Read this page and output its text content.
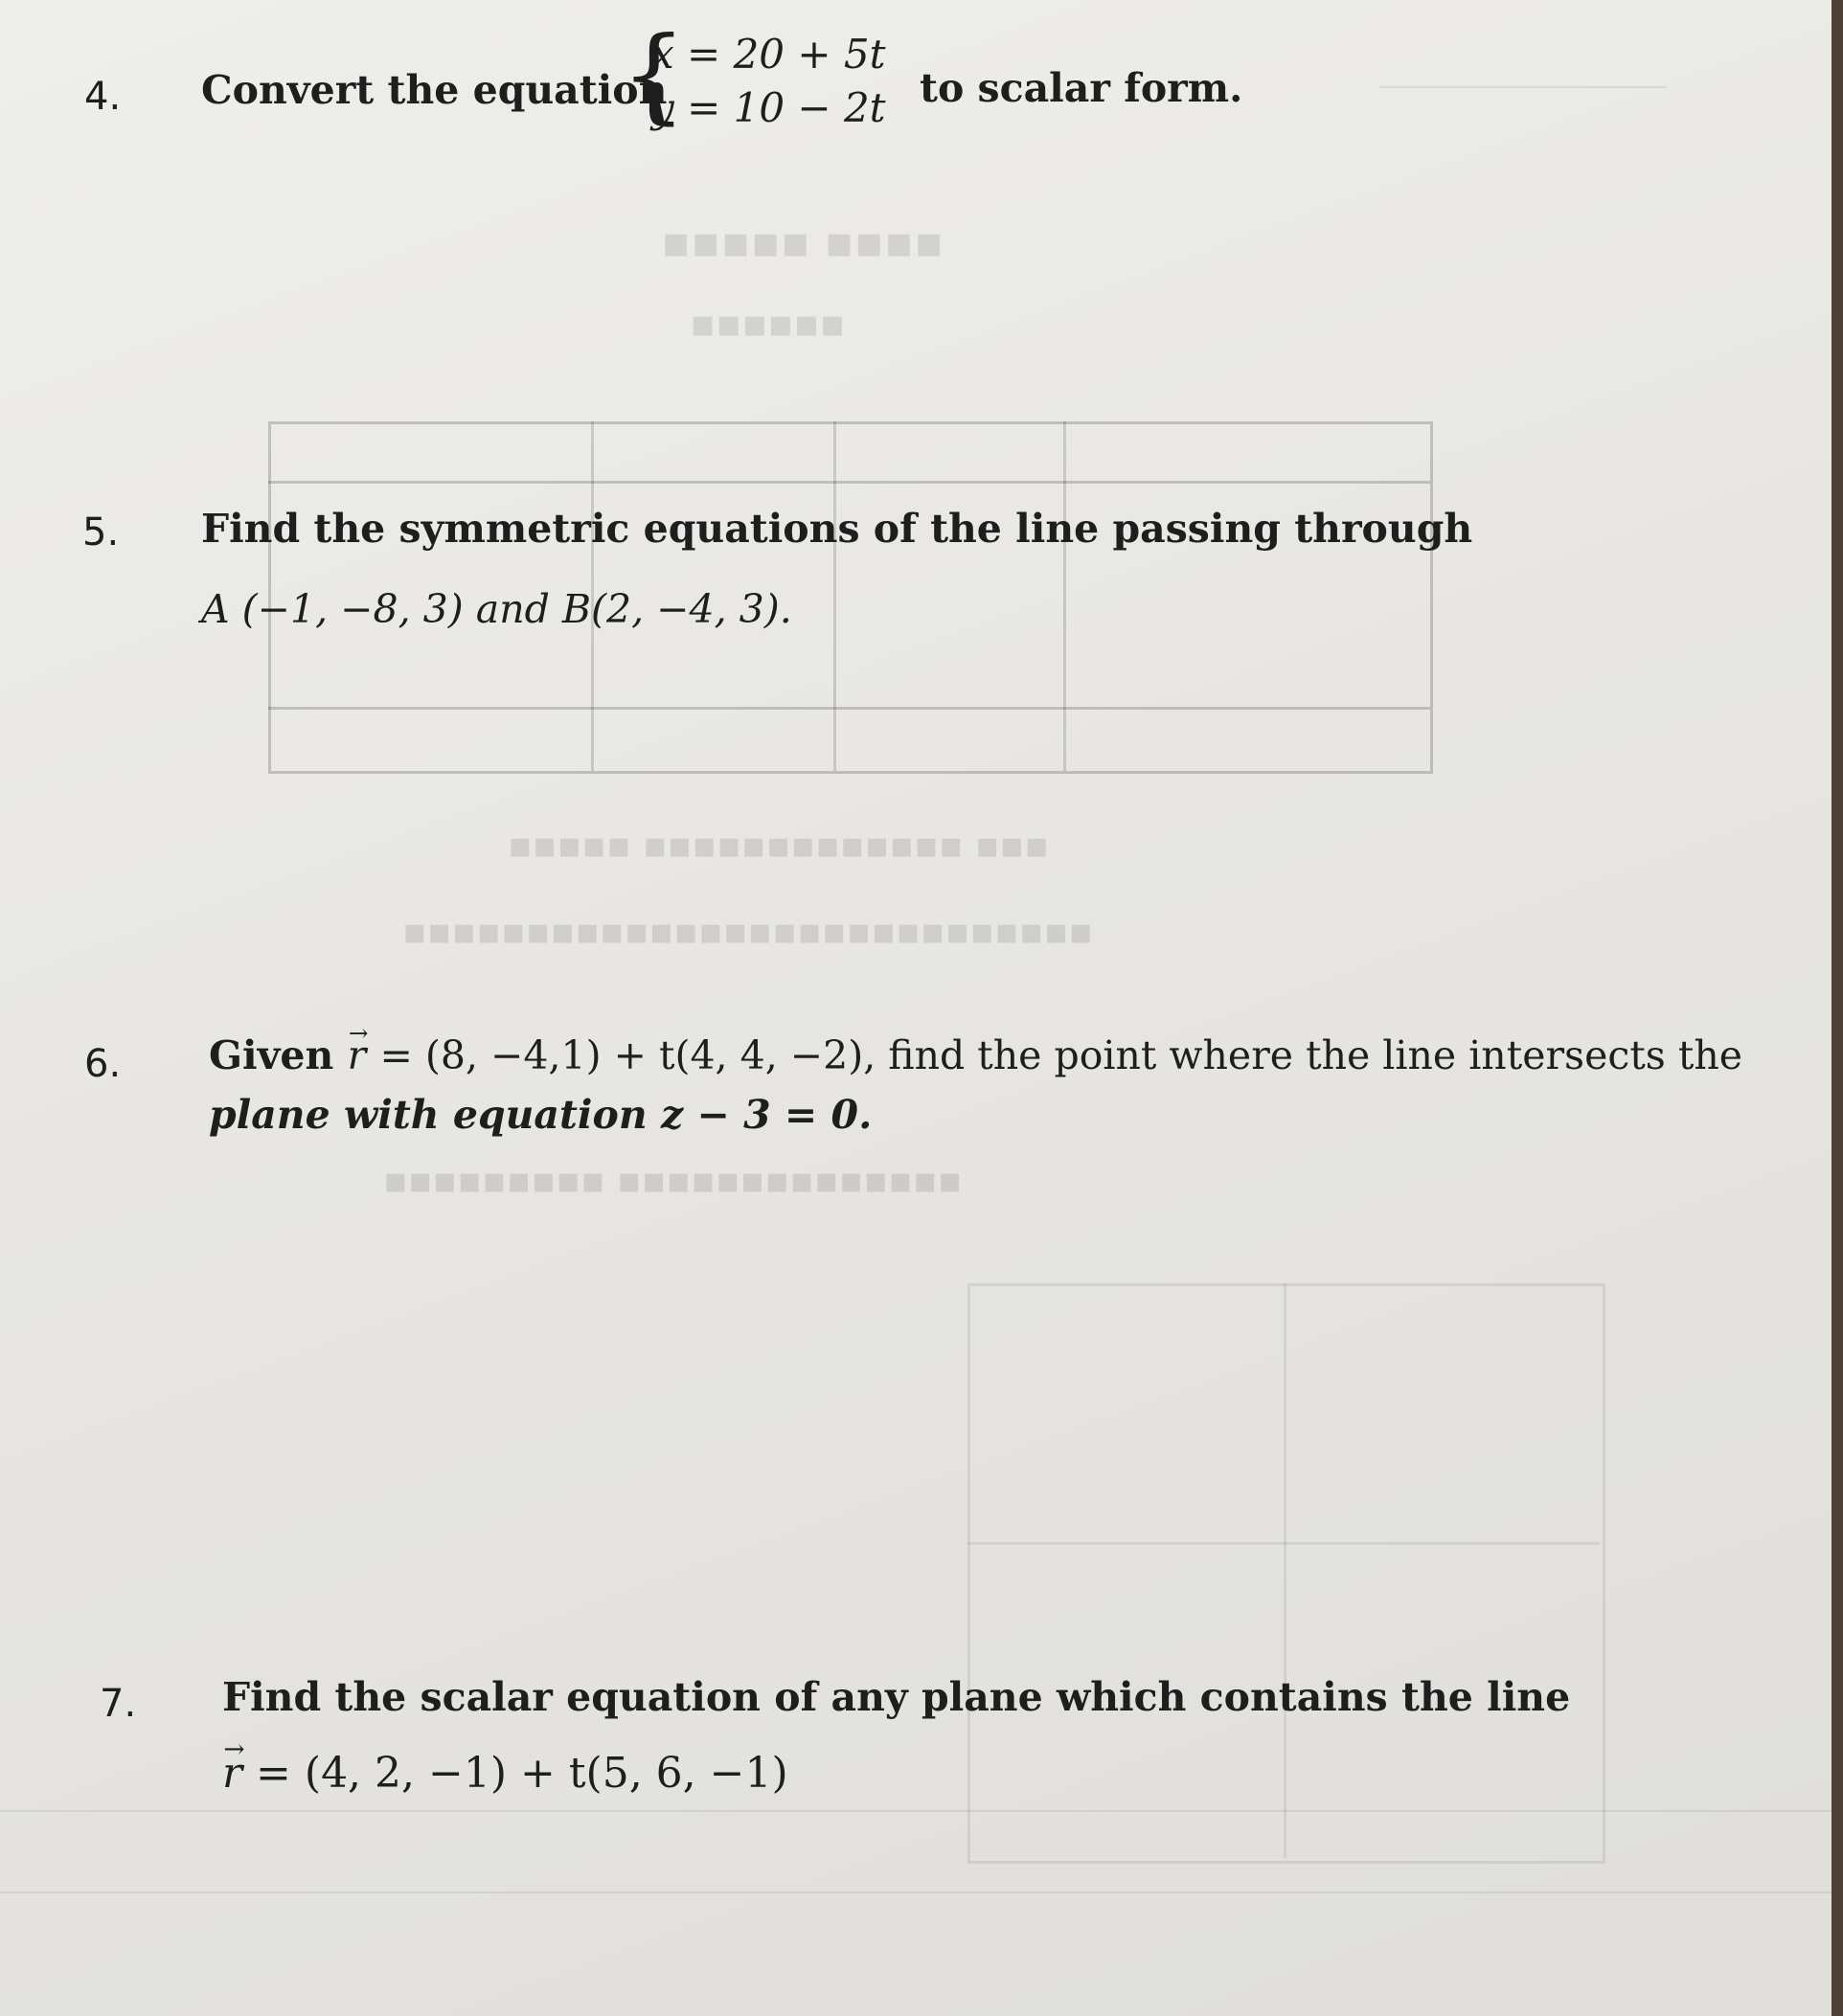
▪▪▪▪▪ ▪▪▪▪
▪▪▪▪▪▪
▪▪▪▪▪ ▪▪▪▪▪▪▪▪▪▪▪▪▪ ▪▪▪
▪▪▪▪▪▪▪▪▪▪▪▪▪▪▪▪▪▪▪▪▪▪▪▪▪▪▪▪
▪▪▪▪▪▪▪▪▪ ▪▪▪▪▪▪▪▪▪▪▪▪▪▪
4. Convert the equation
{
x = 20 + 5t
y = 10 − 2t to scalar form.
5. Find the symmetric equations of the line passing through
A (−1, −8, 3) and B(2, −4, 3).
6. Given → r = (8, −4,1) + t(4, 4, −2), find the point where the line intersects the
plane with equation z − 3 = 0.
7. Find the scalar equation of any plane which contains the line
→ r = (4, 2, −1) + t(5, 6, −1)
